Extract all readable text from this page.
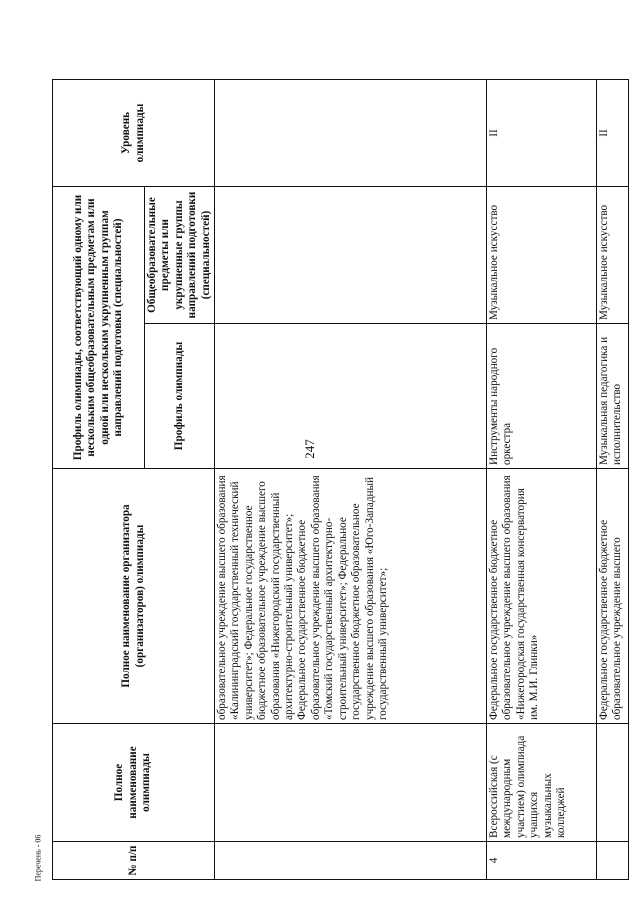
247
Перечень - 06	№ п/п	Полное наименование олимпиады	Полное наименование организатора (организаторов) олимпиады	Профиль олимпиады, соответствующий одному или нескольким общеобразовательным предметам или одной или нескольким укрупненным группам направлений подготовки (специальностей)		Уровень олимпиады
			Профиль олимпиады	Общеобразовательные предметы или укрупненные группы направлений подготовки (специальностей)	
		образовательное учреждение высшего образования «Калининградский государственный технический университет»; Федеральное государственное бюджетное образовательное учреждение высшего образования «Нижегородский государственный архитектурно-строительный университет»; Федеральное государственное бюджетное образовательное учреждение высшего образования «Томский государственный архитектурно-строительный университет»; Федеральное государственное бюджетное образовательное учреждение высшего образования «Юго-Западный государственный университет»;			
4	Всероссийская (с международным участием) олимпиада учащихся музыкальных колледжей	Федеральное государственное бюджетное образовательное учреждение высшего образования «Нижегородская государственная консерватория им. М.И. Глинки»	Инструменты народного оркестра	Музыкальное искусство	II
		Федеральное государственное бюджетное образовательное учреждение высшего	Музыкальная педагогика и исполнительство	Музыкальное искусство	II
